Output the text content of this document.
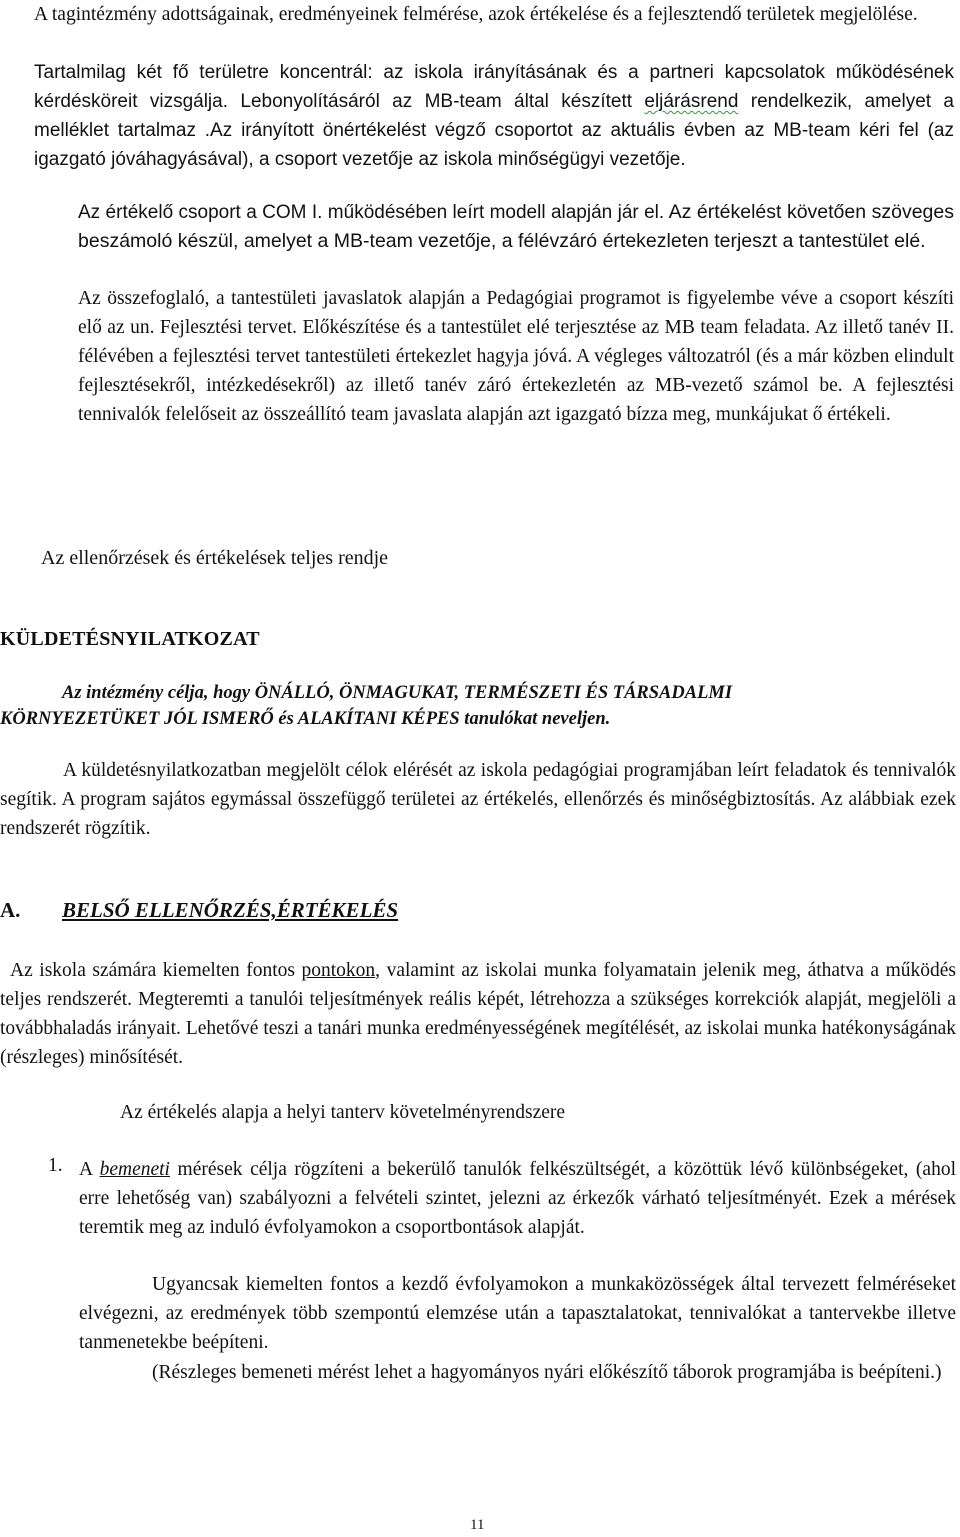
A tagintézmény adottságainak, eredményeinek felmérése, azok értékelése és a fejlesztendő területek megjelölése.
Tartalmilag két fő területre koncentrál: az iskola irányításának és a partneri kapcsolatok működésének kérdésköreit vizsgálja. Lebonyolításáról az MB-team által készített eljárásrend rendelkezik, amelyet a melléklet tartalmaz .Az irányított önértékelést végző csoportot az aktuális évben az MB-team kéri fel (az igazgató jóváhagyásával), a csoport vezetője az iskola minőségügyi vezetője.
Az értékelő csoport a COM I. működésében leírt modell alapján jár el. Az értékelést követően szöveges beszámoló készül, amelyet a MB-team vezetője, a félévzáró értekezleten terjeszt a tantestület elé.
Az összefoglaló, a tantestületi javaslatok alapján a Pedagógiai programot is figyelembe véve a csoport készíti elő az un. Fejlesztési tervet. Előkészítése és a tantestület elé terjesztése az MB team feladata. Az illető tanév II. félévében a fejlesztési tervet tantestületi értekezlet hagyja jóvá. A végleges változatról (és a már közben elindult fejlesztésekről, intézkedésekről) az illető tanév záró értekezletén az MB-vezető számol be. A fejlesztési tennivalók felelőseit az összeállító team javaslata alapján azt igazgató bízza meg, munkájukat ő értékeli.
Az ellenőrzések és értékelések teljes rendje
KÜLDETÉSNYILATKOZAT
Az intézmény célja, hogy ÖNÁLLÓ, ÖNMAGUKAT, TERMÉSZETI ÉS TÁRSADALMI
KÖRNYEZETÜKET JÓL ISMERŐ és ALAKÍTANI KÉPES tanulókat neveljen.
A küldetésnyilatkozatban megjelölt célok elérését az iskola pedagógiai programjában leírt feladatok és tennivalók segítik. A program sajátos egymással összefüggő területei az értékelés, ellenőrzés és minőségbiztosítás. Az alábbiak ezek rendszerét rögzítik.
A. BELSŐ ELLENŐRZÉS,ÉRTÉKELÉS
Az iskola számára kiemelten fontos pontokon, valamint az iskolai munka folyamatain jelenik meg, áthatva a működés teljes rendszerét. Megteremti a tanulói teljesítmények reális képét, létrehozza a szükséges korrekciók alapját, megjelöli a továbbhaladás irányait. Lehetővé teszi a tanári munka eredményességének megítélését, az iskolai munka hatékonyságának (részleges) minősítését.
Az értékelés alapja a helyi tanterv követelményrendszere
1. A bemeneti mérések célja rögzíteni a bekerülő tanulók felkészültségét, a közöttük lévő különbségeket, (ahol erre lehetőség van) szabályozni a felvételi szintet, jelezni az érkezők várható teljesítményét. Ezek a mérések teremtik meg az induló évfolyamokon a csoportbontások alapját.
Ugyancsak kiemelten fontos a kezdő évfolyamokon a munkaközösségek által tervezett felméréseket elvégezni, az eredmények több szempontú elemzése után a tapasztalatokat, tennivalókat a tantervekbe illetve tanmenetekbe beépíteni.
(Részleges bemeneti mérést lehet a hagyományos nyári előkészítő táborok programjába is beépíteni.)
11
